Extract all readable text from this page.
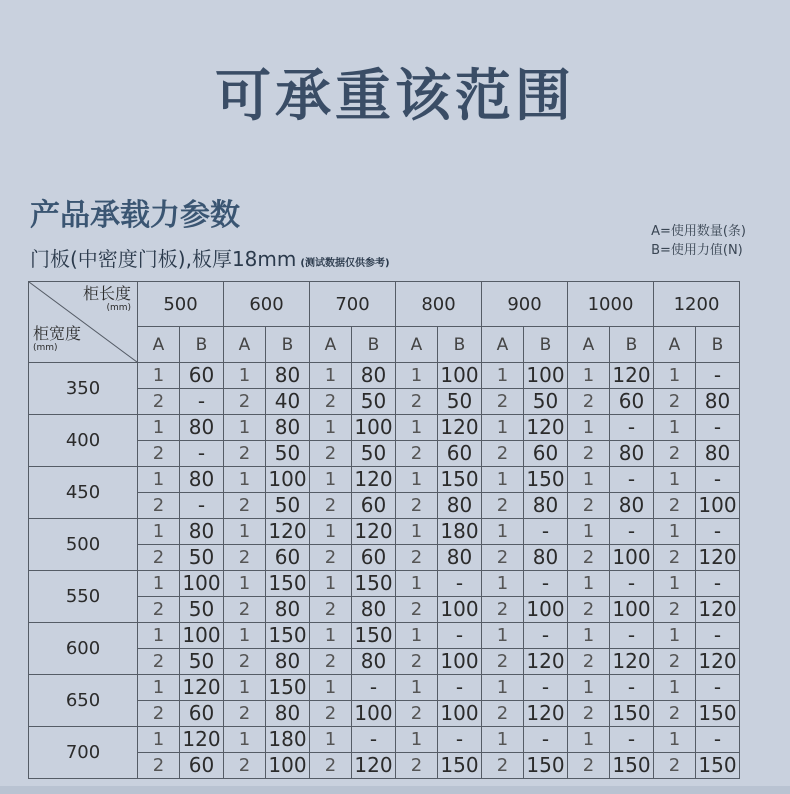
可承重该范围
产品承载力参数
门板(中密度门板),板厚18mm (测试数据仅供参考)
A=使用数量(条)
B=使用力值(N)
柜长度
(mm)
柜宽度
(mm)	500		600		700		800		900		1000		1200	
	A	B	A	B	A	B	A	B	A	B	A	B	A	B
350	1	60	1	80	1	80	1	100	1	100	1	120	1	-
	2	-	2	40	2	50	2	50	2	50	2	60	2	80
400	1	80	1	80	1	100	1	120	1	120	1	-	1	-
	2	-	2	50	2	50	2	60	2	60	2	80	2	80
450	1	80	1	100	1	120	1	150	1	150	1	-	1	-
	2	-	2	50	2	60	2	80	2	80	2	80	2	100
500	1	80	1	120	1	120	1	180	1	-	1	-	1	-
	2	50	2	60	2	60	2	80	2	80	2	100	2	120
550	1	100	1	150	1	150	1	-	1	-	1	-	1	-
	2	50	2	80	2	80	2	100	2	100	2	100	2	120
600	1	100	1	150	1	150	1	-	1	-	1	-	1	-
	2	50	2	80	2	80	2	100	2	120	2	120	2	120
650	1	120	1	150	1	-	1	-	1	-	1	-	1	-
	2	60	2	80	2	100	2	100	2	120	2	150	2	150
700	1	120	1	180	1	-	1	-	1	-	1	-	1	-
	2	60	2	100	2	120	2	150	2	150	2	150	2	150
